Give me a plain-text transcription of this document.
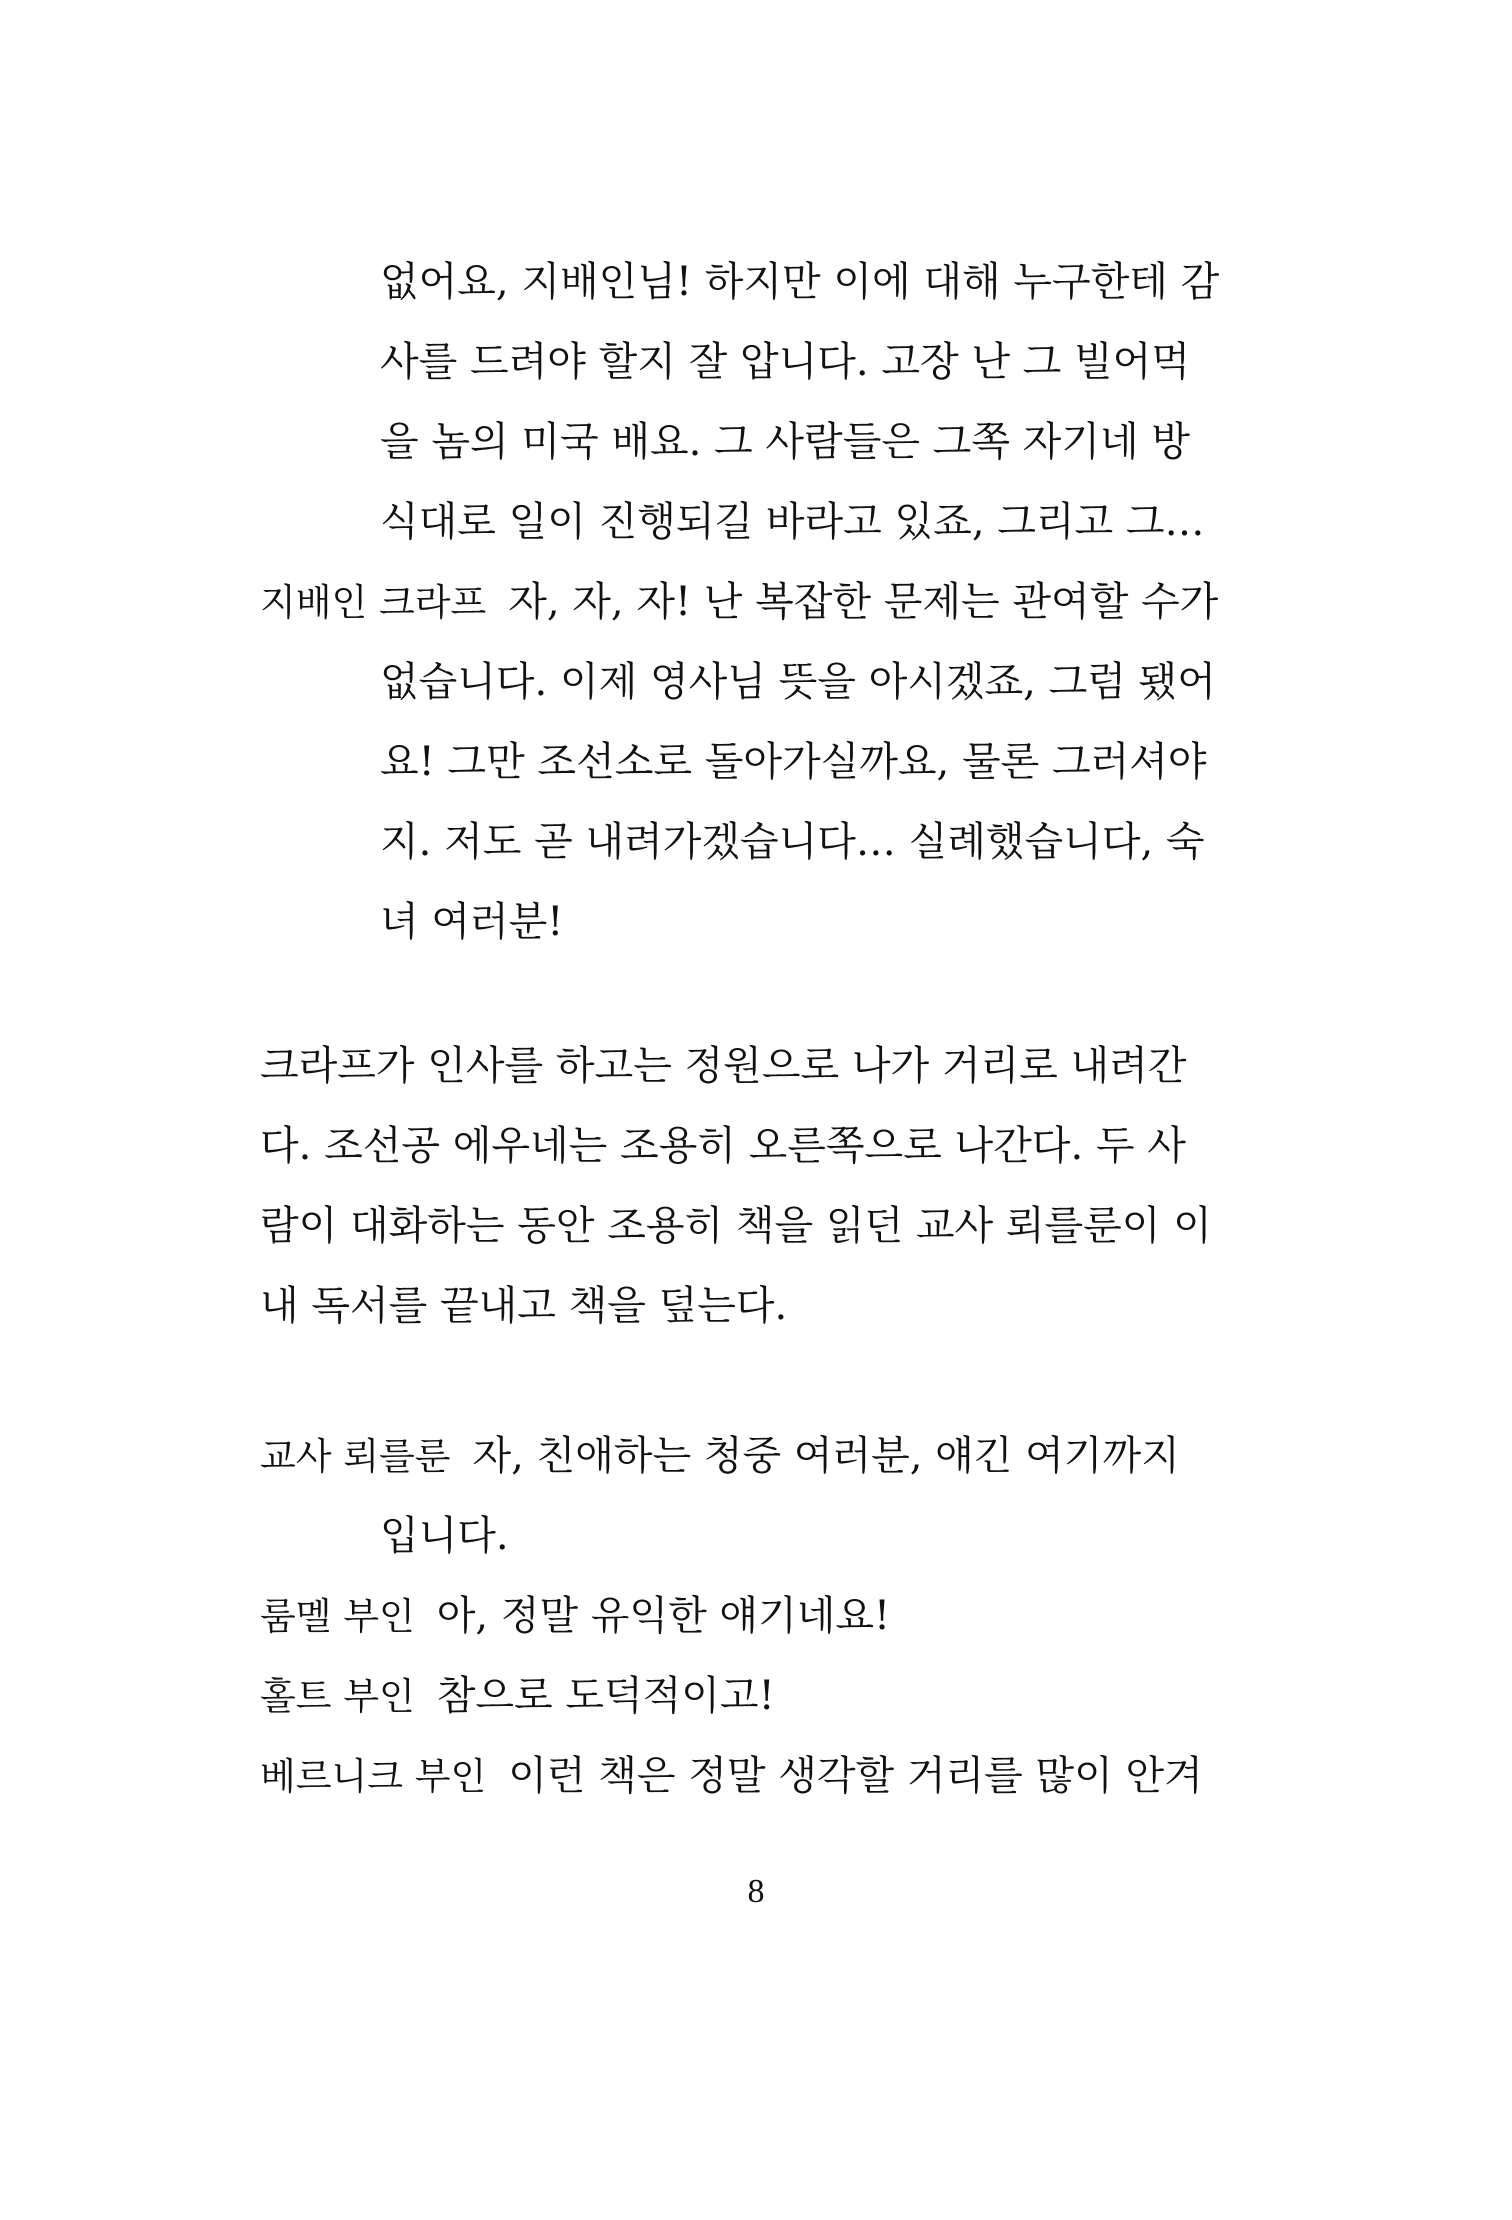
없어요, 지배인님! 하지만 이에 대해 누구한테 감
사를 드려야 할지 잘 압니다. 고장 난 그 빌어먹
을 놈의 미국 배요. 그 사람들은 그쪽 자기네 방
식대로 일이 진행되길 바라고 있죠, 그리고 그…
지배인 크라프 자, 자, 자! 난 복잡한 문제는 관여할 수가
없습니다. 이제 영사님 뜻을 아시겠죠, 그럼 됐어
요! 그만 조선소로 돌아가실까요, 물론 그러셔야
지. 저도 곧 내려가겠습니다… 실례했습니다, 숙
녀 여러분!
크라프가 인사를 하고는 정원으로 나가 거리로 내려간
다. 조선공 에우네는 조용히 오른쪽으로 나간다. 두 사
람이 대화하는 동안 조용히 책을 읽던 교사 뢰를룬이 이
내 독서를 끝내고 책을 덮는다.
교사 뢰를룬 자, 친애하는 청중 여러분, 얘긴 여기까지
입니다.
룸멜 부인 아, 정말 유익한 얘기네요!
홀트 부인 참으로 도덕적이고!
베르니크 부인 이런 책은 정말 생각할 거리를 많이 안겨
8
